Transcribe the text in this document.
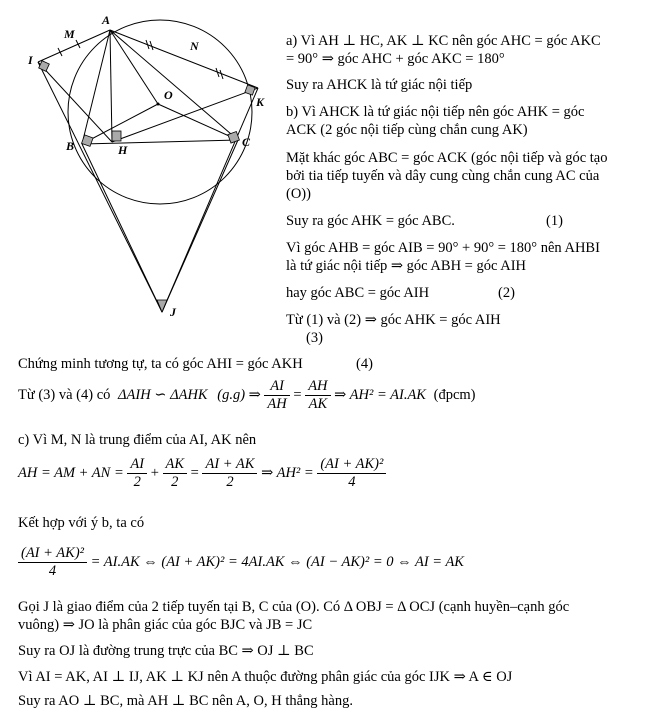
A
M
N
I
O	K
B	H
C
J
a) Vì AH ⊥ HC, AK ⊥ KC nên góc AHC = góc AKC
= 90° ⇒ góc AHC + góc AKC = 180°
Suy ra AHCK là tứ giác nội tiếp
b) Vì AHCK là tứ giác nội tiếp nên góc AHK = góc
ACK (2 góc nội tiếp cùng chắn cung AK)
Mặt khác góc ABC = góc ACK (góc nội tiếp và góc tạo
bởi tia tiếp tuyến và dây cung cùng chắn cung AC của
(O))
Suy ra góc AHK = góc ABC.	(1)
Vì góc AHB = góc AIB = 90° + 90° = 180° nên AHBI
là tứ giác nội tiếp ⇒ góc ABH = góc AIH
hay góc ABC = góc AIH	(2)
Từ (1) và (2) ⇒ góc AHK = góc AIH
(3)
Chứng minh tương tự, ta có góc AHI = góc AKH	(4)
Từ (3) và (4) có ΔAIH ∽ ΔAHK (g.g) ⇒ $\frac{AI}{AH} = \frac{AH}{AK}$ ⇒ AH² = AI.AK (đpcm)
c) Vì M, N là trung điểm của AI, AK nên
AH = AM + AN = $\frac{AI}{2} + \frac{AK}{2} = \frac{AI + AK}{2}$ ⇒ $AH^2 = \frac{\text{(AI + AK)²}}{4}$
Kết hợp với ý b, ta có
$\frac{\text{(AI + AK)²}}{4} = AI.AK$ ⇔ (AI + AK)² = 4AI.AK ⇔ (AI − AK)² = 0 ⇔ AI = AK
Gọi J là giao điểm của 2 tiếp tuyến tại B, C của (O). Có Δ OBJ = Δ OCJ (cạnh huyền–cạnh góc
vuông) ⇒ JO là phân giác của góc BJC và JB = JC
Suy ra OJ là đường trung trực của BC ⇒ OJ ⊥ BC
Vì AI = AK, AI ⊥ IJ, AK ⊥ KJ nên A thuộc đường phân giác của góc IJK ⇒ A ∈ OJ
Suy ra AO ⊥ BC, mà AH ⊥ BC nên A, O, H thẳng hàng.
